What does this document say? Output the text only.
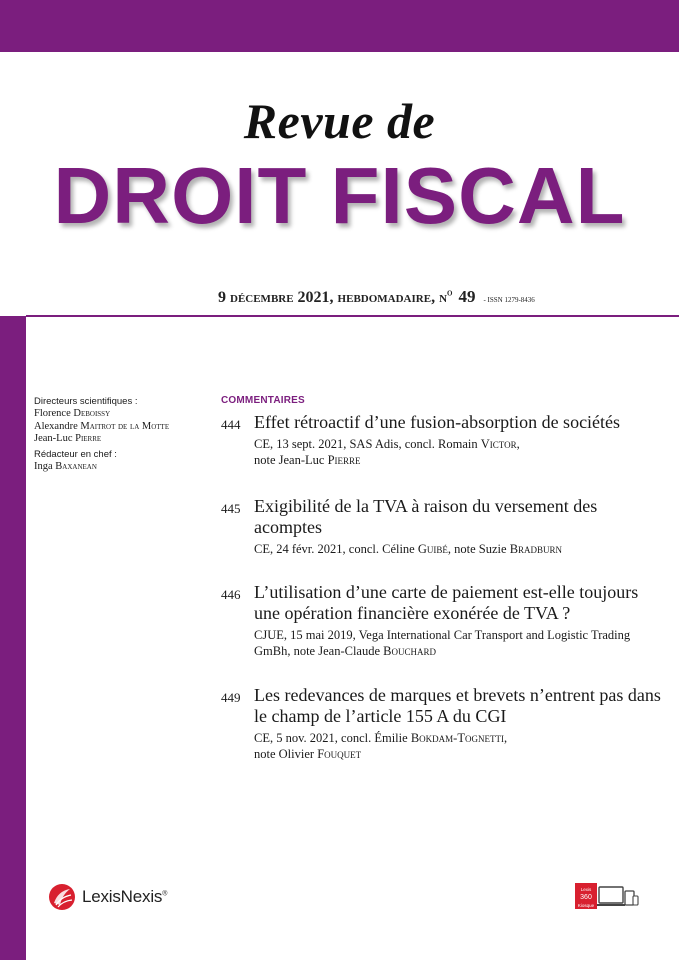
Revue de
DROIT FISCAL
9 décembre 2021, hebdomadaire, $n^o$ 49 - ISSN 1279-8436
Directeurs scientifiques :
Florence Deboissy
Alexandre Maitrot de la Motte
Jean-Luc Pierre
Rédacteur en chef :
Inga Baxanean
COMMENTAIRES
444 Effet rétroactif d’une fusion-absorption de sociétés
CE, 13 sept. 2021, SAS Adis, concl. Romain Victor,
note Jean-Luc Pierre
445 Exigibilité de la TVA à raison du versement des acomptes
CE, 24 févr. 2021, concl. Céline Guibé, note Suzie Bradburn
446 L’utilisation d’une carte de paiement est-elle toujours une opération financière exonérée de TVA ?
CJUE, 15 mai 2019, Vega International Car Transport and Logistic Trading GmBh, note Jean-Claude Bouchard
449 Les redevances de marques et brevets n’entrent pas dans le champ de l’article 155 A du CGI
CE, 5 nov. 2021, concl. Émilie Bokdam-Tognetti,
note Olivier Fouquet
LexisNexis®
Lexis
360
Kiosque
